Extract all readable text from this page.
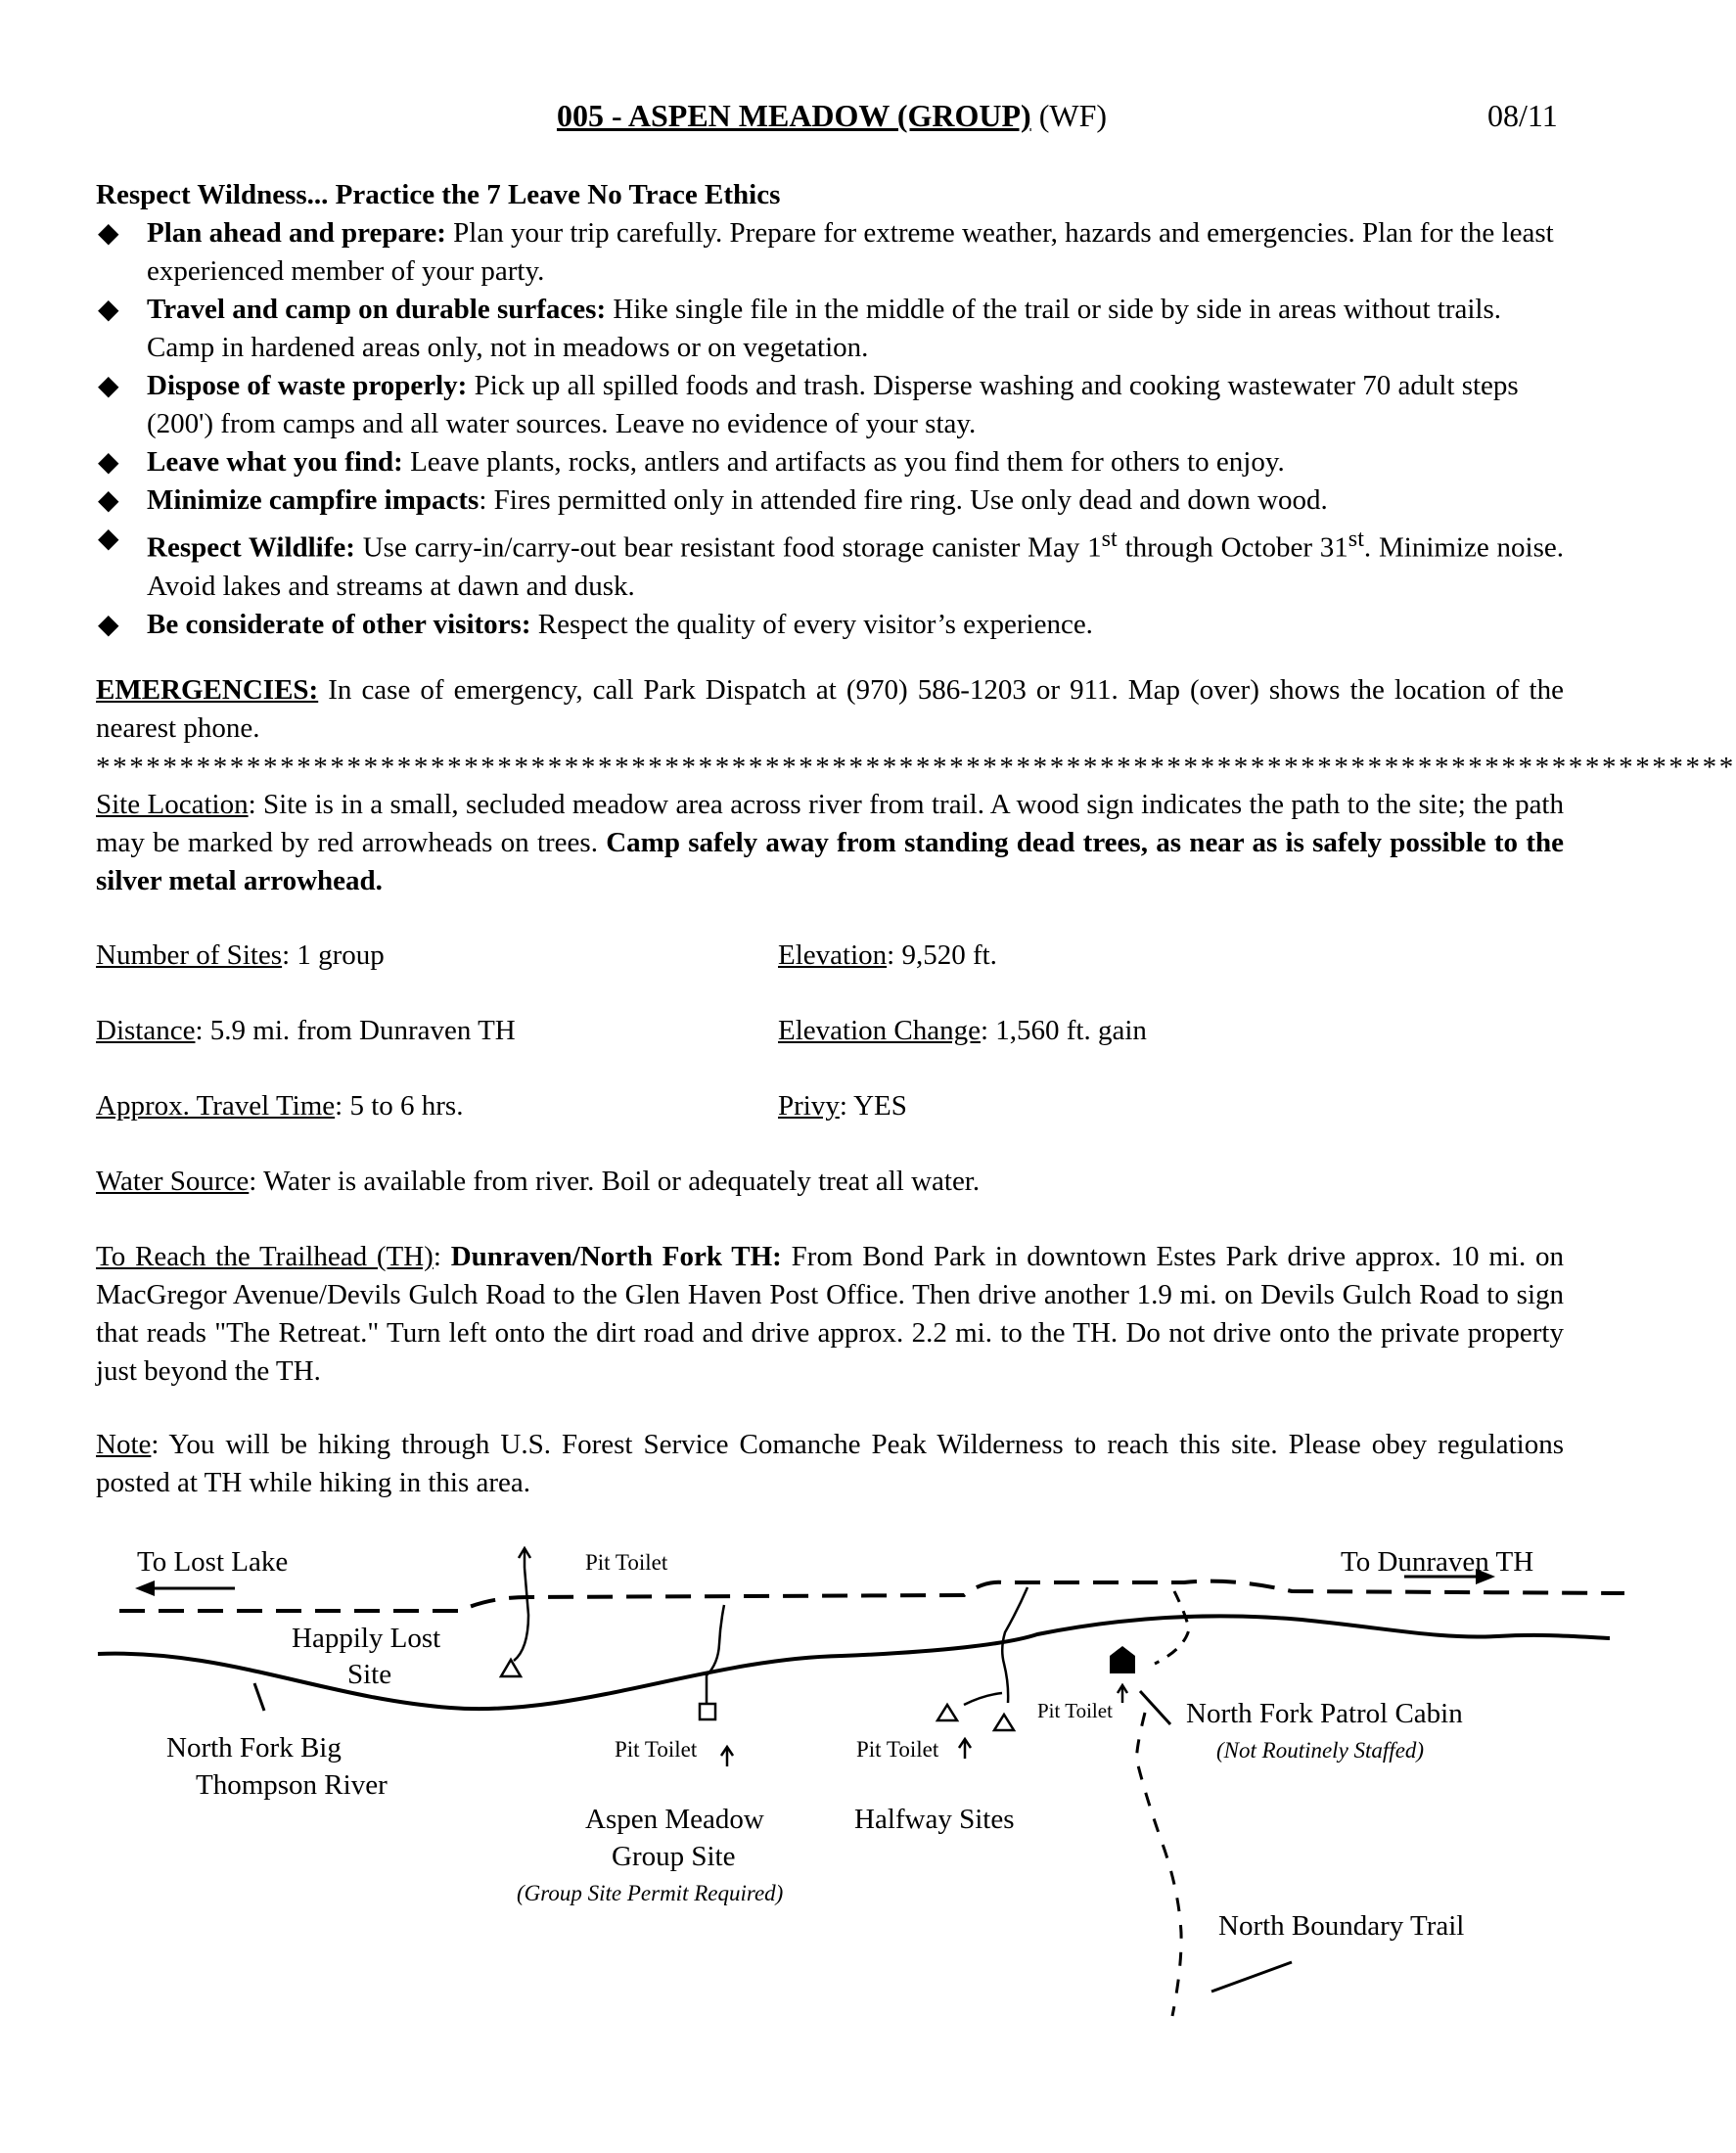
005 - ASPEN MEADOW (GROUP) (WF)	08/11
Respect Wildness... Practice the 7 Leave No Trace Ethics
◆ Plan ahead and prepare: Plan your trip carefully. Prepare for extreme weather, hazards and emergencies. Plan for the least experienced member of your party.
◆ Travel and camp on durable surfaces: Hike single file in the middle of the trail or side by side in areas without trails. Camp in hardened areas only, not in meadows or on vegetation.
◆ Dispose of waste properly: Pick up all spilled foods and trash. Disperse washing and cooking wastewater 70 adult steps (200') from camps and all water sources. Leave no evidence of your stay.
◆ Leave what you find: Leave plants, rocks, antlers and artifacts as you find them for others to enjoy.
◆ Minimize campfire impacts: Fires permitted only in attended fire ring. Use only dead and down wood.
◆ Respect Wildlife: Use carry-in/carry-out bear resistant food storage canister May 1st through October 31st. Minimize noise. Avoid lakes and streams at dawn and dusk.
◆ Be considerate of other visitors: Respect the quality of every visitor’s experience.
EMERGENCIES: In case of emergency, call Park Dispatch at (970) 586-1203 or 911. Map (over) shows the location of the nearest phone.
**************************************************************************************************
Site Location: Site is in a small, secluded meadow area across river from trail. A wood sign indicates the path to the site; the path may be marked by red arrowheads on trees. Camp safely away from standing dead trees, as near as is safely possible to the silver metal arrowhead.
Number of Sites: 1 group	Elevation: 9,520 ft.
Distance: 5.9 mi. from Dunraven TH	Elevation Change: 1,560 ft. gain
Approx. Travel Time: 5 to 6 hrs.	Privy: YES
Water Source: Water is available from river. Boil or adequately treat all water.
To Reach the Trailhead (TH): Dunraven/North Fork TH: From Bond Park in downtown Estes Park drive approx. 10 mi. on MacGregor Avenue/Devils Gulch Road to the Glen Haven Post Office. Then drive another 1.9 mi. on Devils Gulch Road to sign that reads "The Retreat." Turn left onto the dirt road and drive approx. 2.2 mi. to the TH. Do not drive onto the private property just beyond the TH.
Note: You will be hiking through U.S. Forest Service Comanche Peak Wilderness to reach this site. Please obey regulations posted at TH while hiking in this area.
To Lost Lake	To Dunraven TH
Pit Toilet
Happily Lost
Site
North Fork Big
Thompson River
Pit Toilet
Aspen Meadow
Group Site
(Group Site Permit Required)
Pit Toilet
Halfway Sites
Pit Toilet	North Fork Patrol Cabin
(Not Routinely Staffed)
North Boundary Trail
